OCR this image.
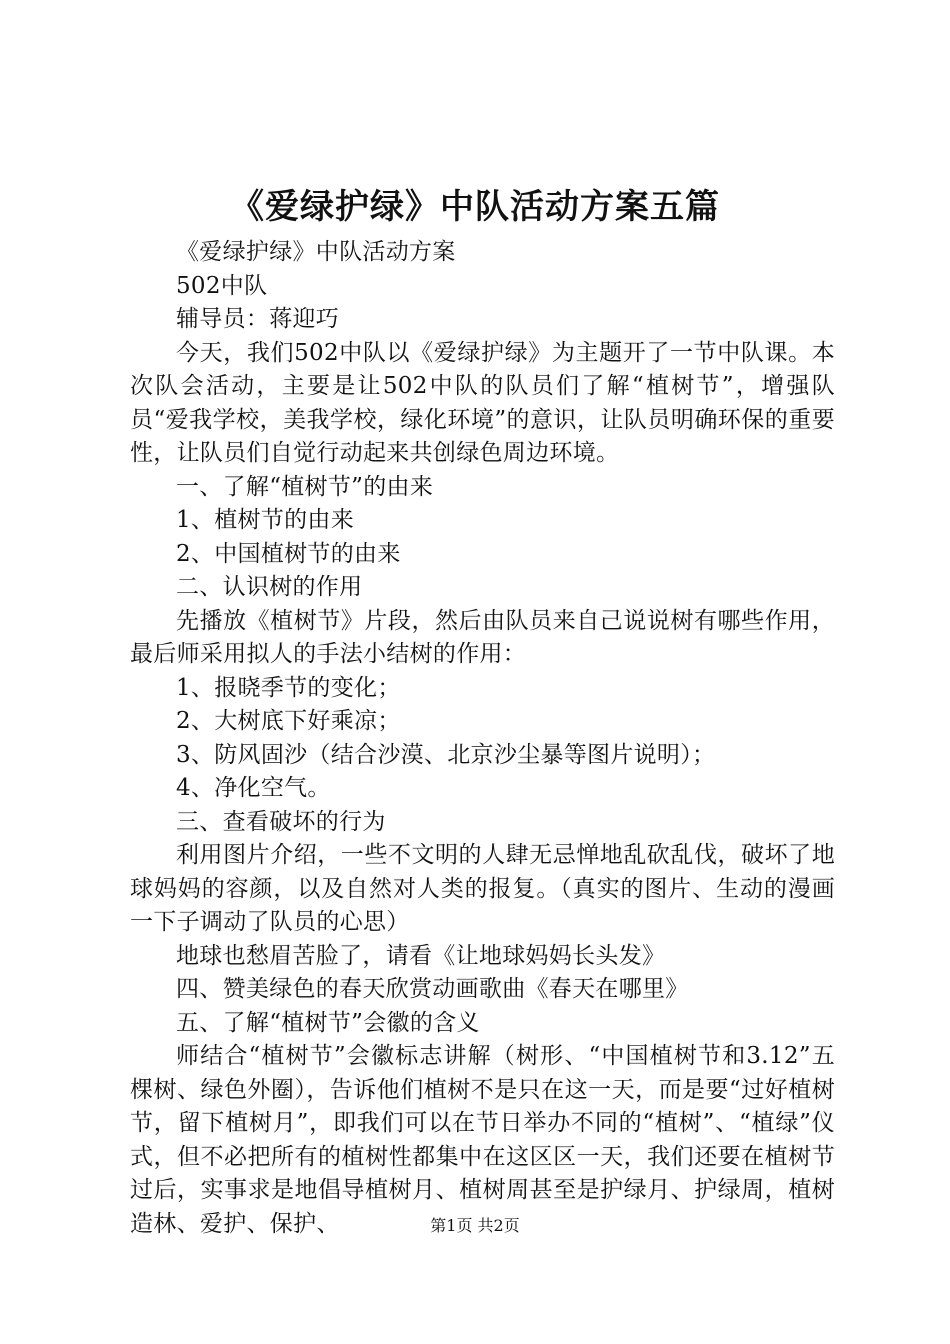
《爱绿护绿》中队活动方案五篇

《爱绿护绿》中队活动方案

502中队

辅导员：蒋迎巧

今天，我们502中队以《爱绿护绿》为主题开了一节中队课。本次队会活动，主要是让502中队的队员们了解“植树节”，增强队员“爱我学校，美我学校，绿化环境”的意识，让队员明确环保的重要性，让队员们自觉行动起来共创绿色周边环境。

一、了解“植树节”的由来

1、植树节的由来

2、中国植树节的由来

二、认识树的作用

先播放《植树节》片段，然后由队员来自己说说树有哪些作用，最后师采用拟人的手法小结树的作用：

1、报晓季节的变化；

2、大树底下好乘凉；

3、防风固沙（结合沙漠、北京沙尘暴等图片说明）；

4、净化空气。

三、查看破坏的行为

利用图片介绍，一些不文明的人肆无忌惮地乱砍乱伐，破坏了地球妈妈的容颜，以及自然对人类的报复。（真实的图片、生动的漫画一下子调动了队员的心思）

地球也愁眉苦脸了，请看《让地球妈妈长头发》

四、赞美绿色的春天欣赏动画歌曲《春天在哪里》

五、了解“植树节”会徽的含义

师结合“植树节”会徽标志讲解（树形、“中国植树节和3.12”五棵树、绿色外圈），告诉他们植树不是只在这一天，而是要“过好植树节，留下植树月”，即我们可以在节日举办不同的“植树”、“植绿”仪式，但不必把所有的植树性都集中在这区区一天，我们还要在植树节过后，实事求是地倡导植树月、植树周甚至是护绿月、护绿周，植树造林、爱护、保护、	第1页 共2页
